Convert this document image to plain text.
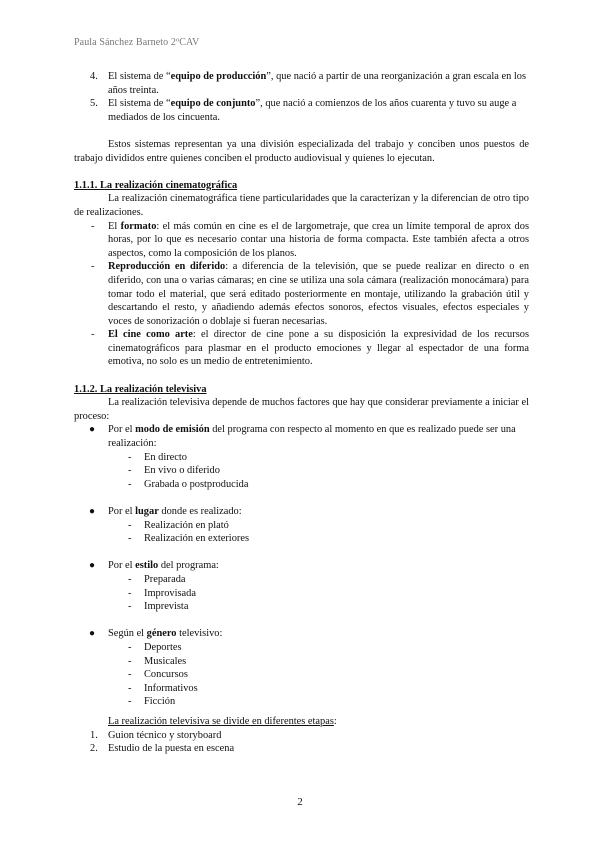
Paula Sánchez Barneto 2ºCAV
4. El sistema de “equipo de producción”, que nació a partir de una reorganización a gran escala en los años treinta.
5. El sistema de “equipo de conjunto”, que nació a comienzos de los años cuarenta y tuvo su auge a mediados de los cincuenta.

Estos sistemas representan ya una división especializada del trabajo y conciben unos puestos de trabajo divididos entre quienes conciben el producto audiovisual y quienes lo ejecutan.

1.1.1. La realización cinematográfica

La realización cinematográfica tiene particularidades que la caracterizan y la diferencian de otro tipo de realizaciones.

- El formato: el más común en cine es el de largometraje, que crea un límite temporal de aprox dos horas, por lo que es necesario contar una historia de forma compacta. Este también afecta a otros aspectos, como la composición de los planos.
- Reproducción en diferido: a diferencia de la televisión, que se puede realizar en directo o en diferido, con una o varias cámaras; en cine se utiliza una sola cámara (realización monocámara) para tomar todo el material, que será editado posteriormente en montaje, utilizando la grabación útil y descartando el resto, y añadiendo además efectos sonoros, efectos visuales, efectos especiales y voces de sonorización o doblaje si fueran necesarias.
- El cine como arte: el director de cine pone a su disposición la expresividad de los recursos cinematográficos para plasmar en el producto emociones y llegar al espectador de una forma emotiva, no solo es un medio de entretenimiento.
1.1.2. La realización televisiva

La realización televisiva depende de muchos factores que hay que considerar previamente a iniciar el proceso:

● Por el modo de emisión del programa con respecto al momento en que es realizado puede ser una realización:
- En directo
- En vivo o diferido
- Grabada o postproducida
● Por el lugar donde es realizado:
- Realización en plató
- Realización en exteriores
● Por el estilo del programa:
- Preparada
- Improvisada
- Imprevista
● Según el género televisivo:
- Deportes
- Musicales
- Concursos
- Informativos
- Ficción

La realización televisiva se divide en diferentes etapas:

1. Guion técnico y storyboard
2. Estudio de la puesta en escena
2
